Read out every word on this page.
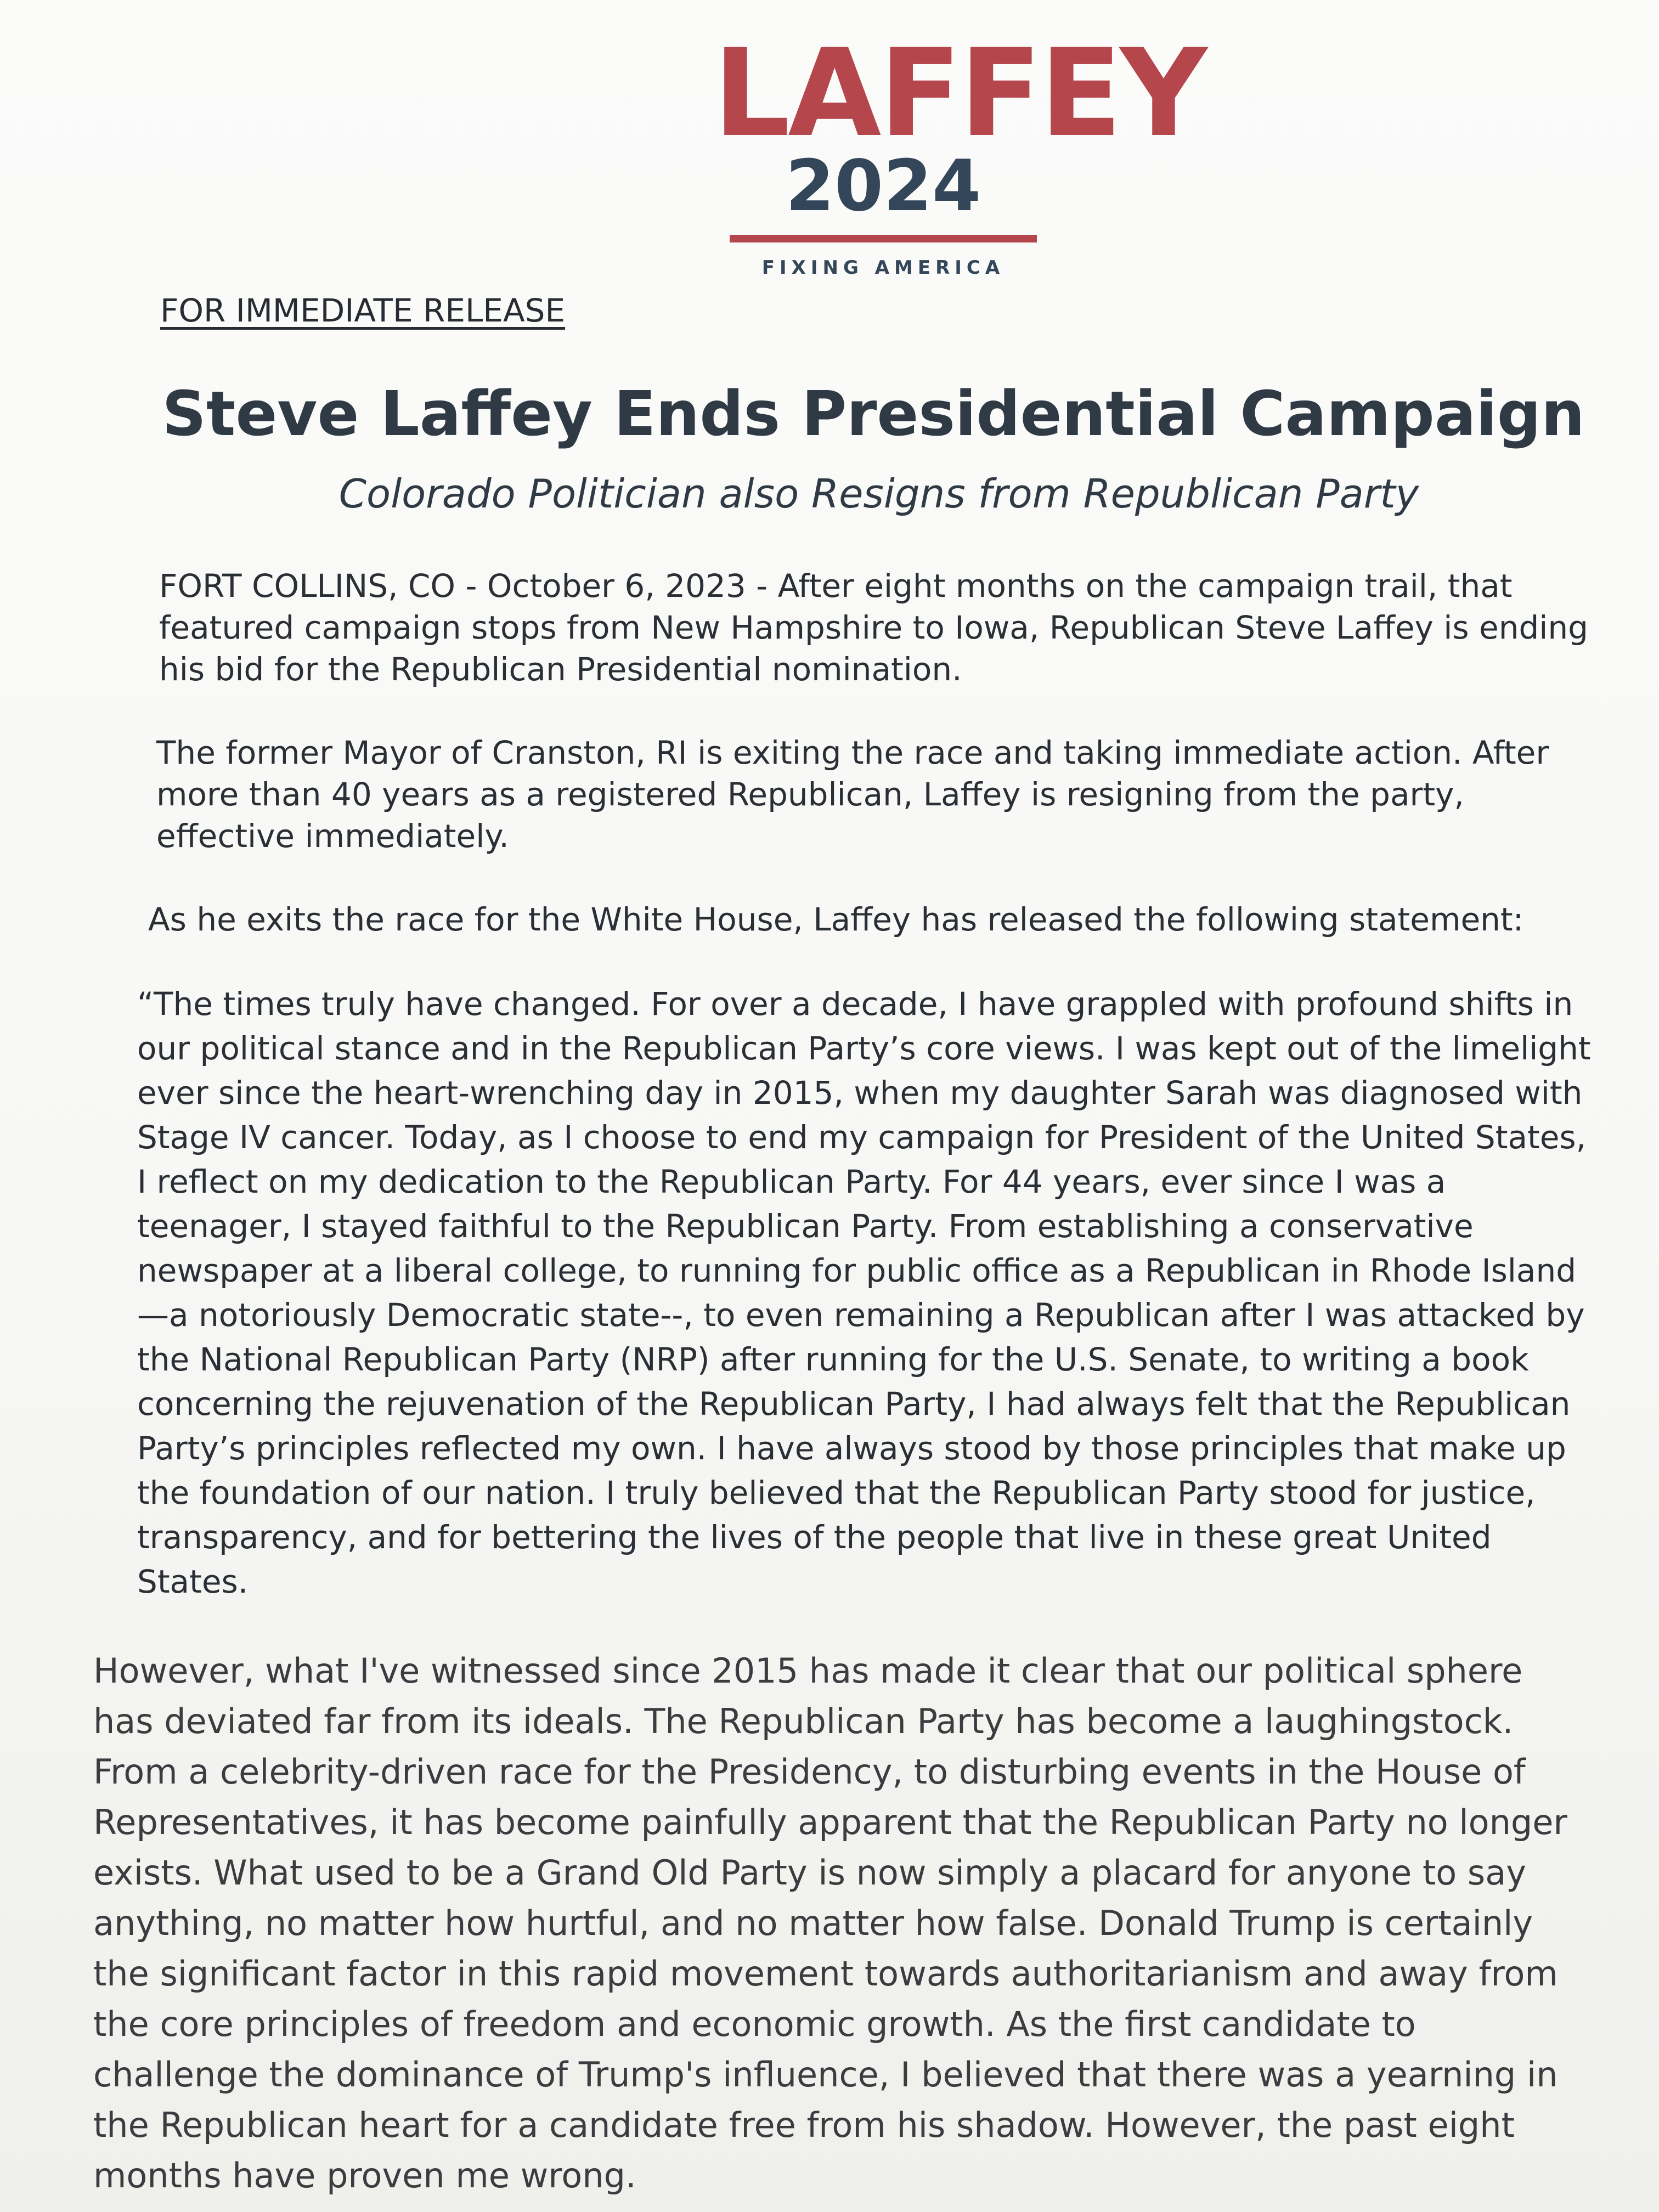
LAFFEY
2024
FIXING AMERICA
FOR IMMEDIATE RELEASE
Steve Laffey Ends Presidential Campaign
Colorado Politician also Resigns from Republican Party

FORT COLLINS, CO - October 6, 2023 - After eight months on the campaign trail, that featured campaign stops from New Hampshire to Iowa, Republican Steve Laffey is ending his bid for the Republican Presidential nomination.

The former Mayor of Cranston, RI is exiting the race and taking immediate action. After more than 40 years as a registered Republican, Laffey is resigning from the party, effective immediately.

As he exits the race for the White House, Laffey has released the following statement:

“The times truly have changed. For over a decade, I have grappled with profound shifts in our political stance and in the Republican Party’s core views. I was kept out of the limelight ever since the heart-wrenching day in 2015, when my daughter Sarah was diagnosed with Stage IV cancer. Today, as I choose to end my campaign for President of the United States, I reflect on my dedication to the Republican Party. For 44 years, ever since I was a teenager, I stayed faithful to the Republican Party. From establishing a conservative newspaper at a liberal college, to running for public office as a Republican in Rhode Island—a notoriously Democratic state--, to even remaining a Republican after I was attacked by the National Republican Party (NRP) after running for the U.S. Senate, to writing a book concerning the rejuvenation of the Republican Party, I had always felt that the Republican Party’s principles reflected my own. I have always stood by those principles that make up the foundation of our nation. I truly believed that the Republican Party stood for justice, transparency, and for bettering the lives of the people that live in these great United States.

However, what I've witnessed since 2015 has made it clear that our political sphere has deviated far from its ideals. The Republican Party has become a laughingstock. From a celebrity-driven race for the Presidency, to disturbing events in the House of Representatives, it has become painfully apparent that the Republican Party no longer exists. What used to be a Grand Old Party is now simply a placard for anyone to say anything, no matter how hurtful, and no matter how false. Donald Trump is certainly the significant factor in this rapid movement towards authoritarianism and away from the core principles of freedom and economic growth. As the first candidate to challenge the dominance of Trump's influence, I believed that there was a yearning in the Republican heart for a candidate free from his shadow. However, the past eight months have proven me wrong.
